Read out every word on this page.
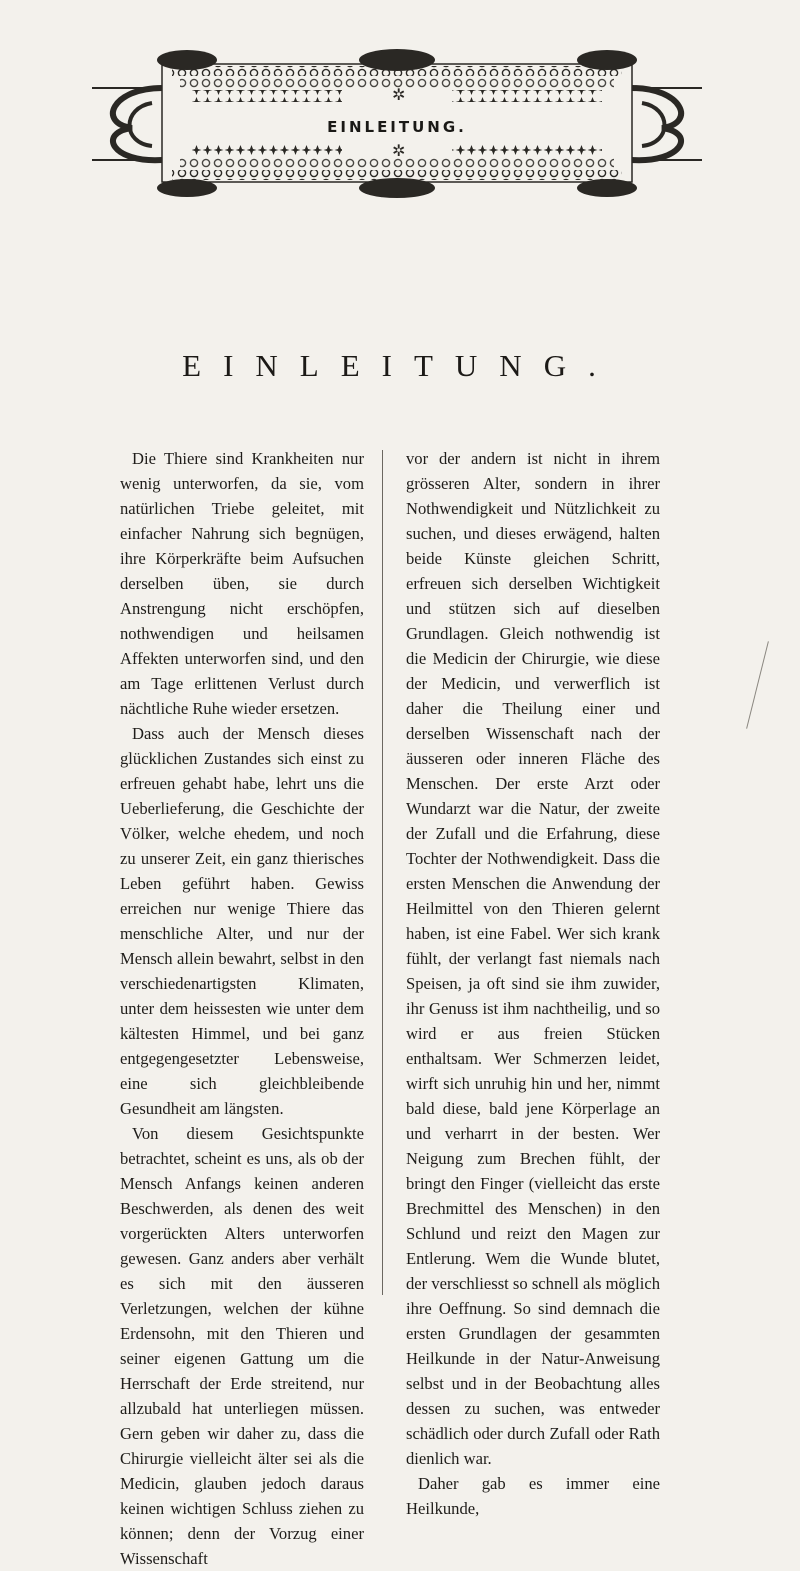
✲
✲
EINLEITUNG.
EINLEITUNG.

Die Thiere sind Krankheiten nur wenig unterworfen, da sie, vom natürlichen Triebe geleitet, mit einfacher Nahrung sich begnügen, ihre Körperkräfte beim Aufsuchen derselben üben, sie durch Anstrengung nicht erschöpfen, nothwendigen und heilsamen Affekten unterworfen sind, und den am Tage erlittenen Verlust durch nächtliche Ruhe wieder ersetzen.

Dass auch der Mensch dieses glücklichen Zustandes sich einst zu erfreuen gehabt habe, lehrt uns die Ueberlieferung, die Geschichte der Völker, welche ehedem, und noch zu unserer Zeit, ein ganz thierisches Leben geführt haben. Gewiss erreichen nur wenige Thiere das menschliche Alter, und nur der Mensch allein bewahrt, selbst in den verschiedenartigsten Klimaten, unter dem heissesten wie unter dem kältesten Himmel, und bei ganz entgegengesetzter Lebensweise, eine sich gleichbleibende Gesundheit am längsten.

Von diesem Gesichtspunkte betrachtet, scheint es uns, als ob der Mensch Anfangs keinen anderen Beschwerden, als denen des weit vorgerückten Alters unterworfen gewesen. Ganz anders aber verhält es sich mit den äusseren Verletzungen, welchen der kühne Erdensohn, mit den Thieren und seiner eigenen Gattung um die Herrschaft der Erde streitend, nur allzubald hat unterliegen müssen. Gern geben wir daher zu, dass die Chirurgie vielleicht älter sei als die Medicin, glauben jedoch daraus keinen wichtigen Schluss ziehen zu können; denn der Vorzug einer Wissenschaft

vor der andern ist nicht in ihrem grösseren Alter, sondern in ihrer Nothwendigkeit und Nützlichkeit zu suchen, und dieses erwägend, halten beide Künste gleichen Schritt, erfreuen sich derselben Wichtigkeit und stützen sich auf dieselben Grundlagen. Gleich nothwendig ist die Medicin der Chirurgie, wie diese der Medicin, und verwerflich ist daher die Theilung einer und derselben Wissenschaft nach der äusseren oder inneren Fläche des Menschen. Der erste Arzt oder Wundarzt war die Natur, der zweite der Zufall und die Erfahrung, diese Tochter der Nothwendigkeit. Dass die ersten Menschen die Anwendung der Heilmittel von den Thieren gelernt haben, ist eine Fabel. Wer sich krank fühlt, der verlangt fast niemals nach Speisen, ja oft sind sie ihm zuwider, ihr Genuss ist ihm nachtheilig, und so wird er aus freien Stücken enthaltsam. Wer Schmerzen leidet, wirft sich unruhig hin und her, nimmt bald diese, bald jene Körperlage an und verharrt in der besten. Wer Neigung zum Brechen fühlt, der bringt den Finger (vielleicht das erste Brechmittel des Menschen) in den Schlund und reizt den Magen zur Entlerung. Wem die Wunde blutet, der verschliesst so schnell als möglich ihre Oeffnung. So sind demnach die ersten Grundlagen der gesammten Heilkunde in der Natur-Anweisung selbst und in der Beobachtung alles dessen zu suchen, was entweder schädlich oder durch Zufall oder Rath dienlich war.

Daher gab es immer eine Heilkunde,
